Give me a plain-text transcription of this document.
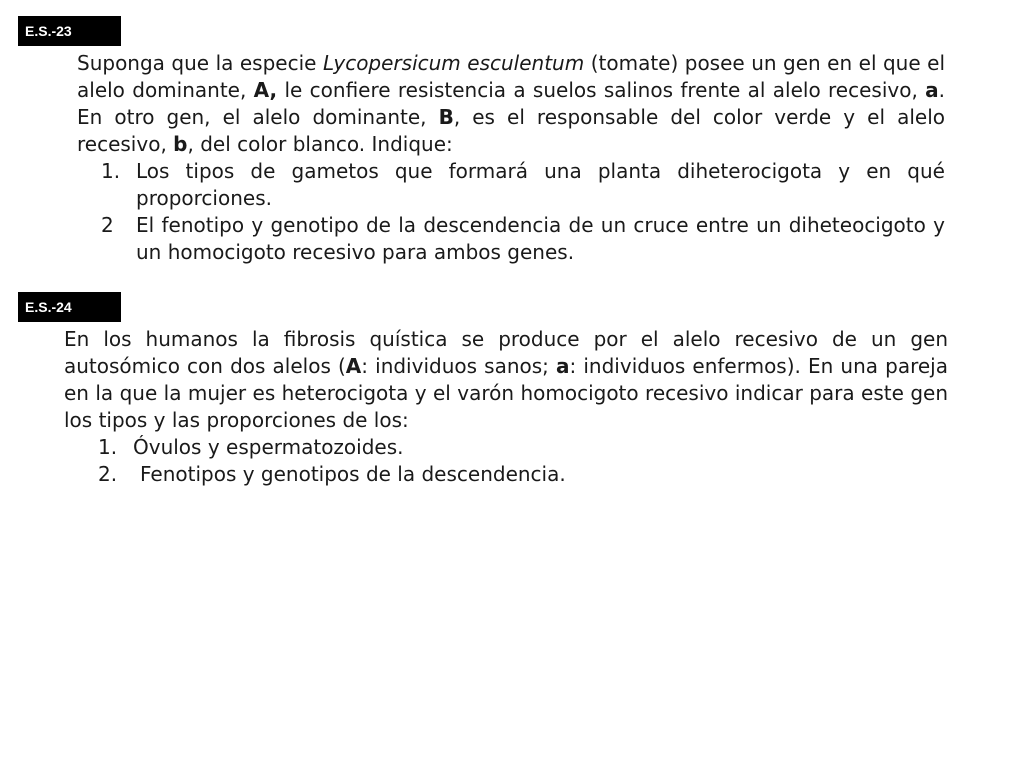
E.S.-23

Suponga que la especie Lycopersicum esculentum (tomate) posee un gen en el que el alelo dominante, A, le confiere resistencia a suelos salinos frente al alelo recesivo, a. En otro gen, el alelo dominante, B, es el responsable del color verde y el alelo recesivo, b, del color blanco. Indique:

1. Los tipos de gametos que formará una planta diheterocigota y en qué proporciones.
2	El fenotipo y genotipo de la descendencia de un cruce entre un diheteocigoto y un homocigoto recesivo para ambos genes.
E.S.-24

En los humanos la fibrosis quística se produce por el alelo recesivo de un gen autosómico con dos alelos (A: individuos sanos; a: individuos enfermos). En una pareja en la que la mujer es heterocigota y el varón homocigoto recesivo indicar para este gen los tipos y las proporciones de los:

1. Óvulos y espermatozoides.
2.	Fenotipos y genotipos de la descendencia.
